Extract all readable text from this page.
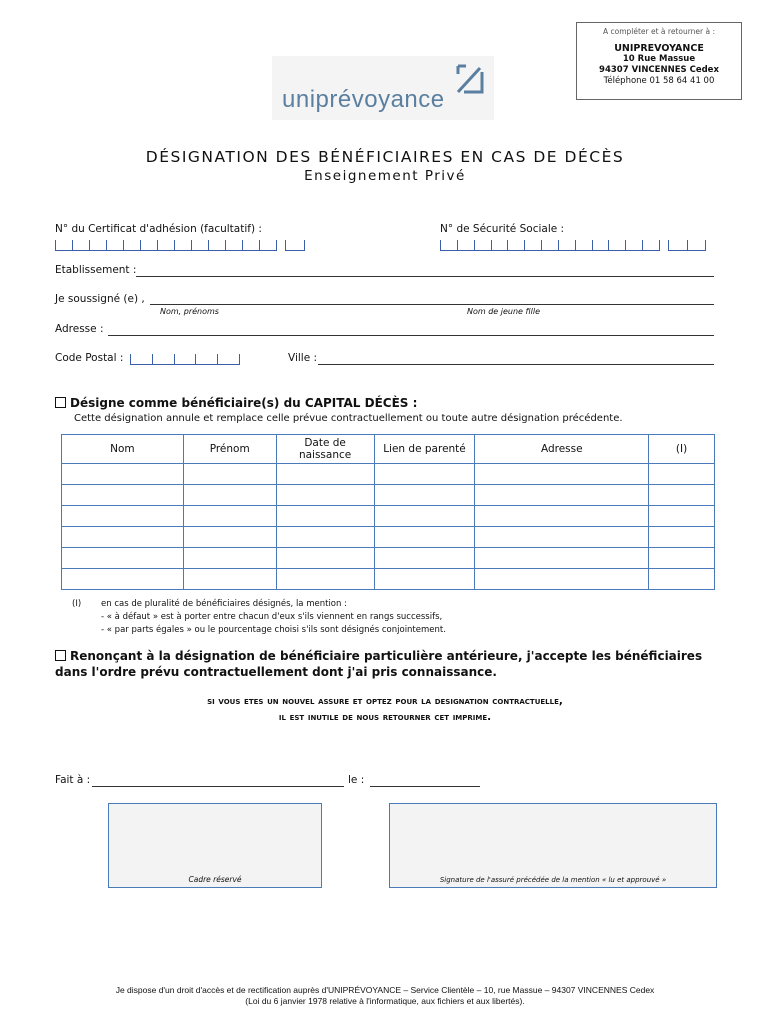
A compléter et à retourner à :
UNIPREVOYANCE
10 Rue Massue
94307 VINCENNES Cedex
Téléphone 01 58 64 41 00
uniprévoyance
DÉSIGNATION DES BÉNÉFICIAIRES EN CAS DE DÉCÈS
Enseignement Privé
N° du Certificat d'adhésion (facultatif) :	N° de Sécurité Sociale :
Etablissement :
Je soussigné (e) ,
Nom, prénoms	Nom de jeune fille
Adresse :
Code Postal :	Ville :
Désigne comme bénéficiaire(s) du CAPITAL DÉCÈS :
Cette désignation annule et remplace celle prévue contractuellement ou toute autre désignation précédente.
Nom	Prénom	Date de naissance	Lien de parenté	Adresse	(I)

(I) en cas de pluralité de bénéficiaires désignés, la mention :
- « à défaut » est à porter entre chacun d'eux s'ils viennent en rangs successifs,
- « par parts égales » ou le pourcentage choisi s'ils sont désignés conjointement.
Renonçant à la désignation de bénéficiaire particulière antérieure, j'accepte les bénéficiaires dans l'ordre prévu contractuellement dont j'ai pris connaissance.
si vous etes un nouvel assure et optez pour la designation contractuelle,
il est inutile de nous retourner cet imprime.
Fait à :	le :
Cadre réservé	Signature de l'assuré précédée de la mention « lu et approuvé »
Je dispose d'un droit d'accès et de rectification auprès d'UNIPRÉVOYANCE – Service Clientèle – 10, rue Massue – 94307 VINCENNES Cedex
(Loi du 6 janvier 1978 relative à l'informatique, aux fichiers et aux libertés).
